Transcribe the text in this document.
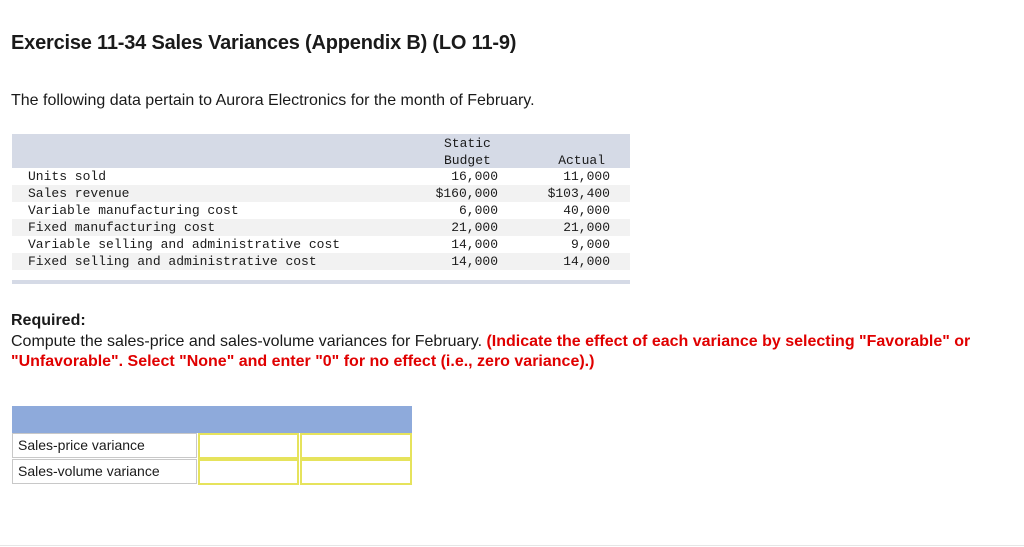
Exercise 11-34 Sales Variances (Appendix B) (LO 11-9)

The following data pertain to Aurora Electronics for the month of February.

Static
Budget	Actual
Units sold	16,000	11,000
Sales revenue	$160,000	$103,400
Variable manufacturing cost	6,000	40,000
Fixed manufacturing cost	21,000	21,000
Variable selling and administrative cost	14,000	9,000
Fixed selling and administrative cost	14,000	14,000

Required:

Compute the sales-price and sales-volume variances for February. (Indicate the effect of each variance by selecting "Favorable" or "Unfavorable". Select "None" and enter "0" for no effect (i.e., zero variance).)

Sales-price variance
Sales-volume variance
